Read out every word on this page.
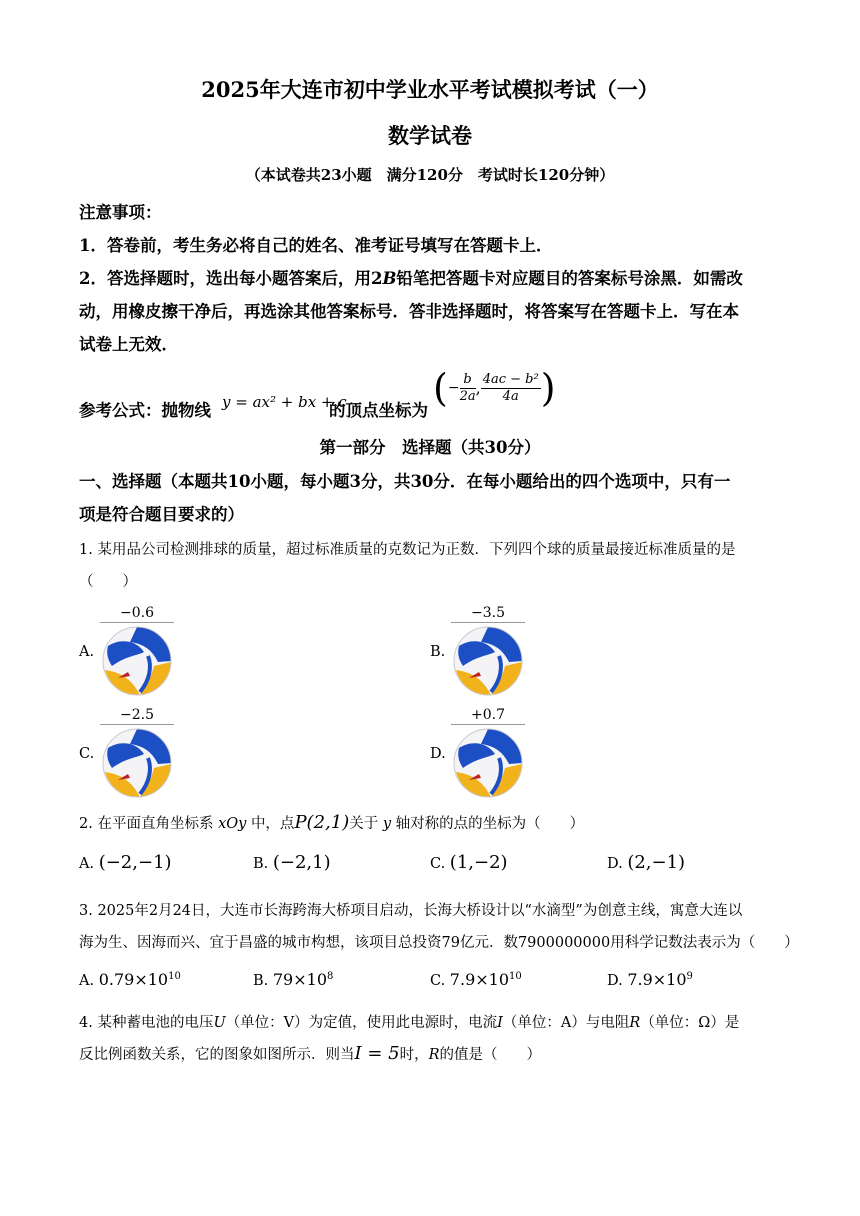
2025年大连市初中学业水平考试模拟考试（一）
数学试卷
（本试卷共23小题　满分120分　考试时长120分钟）
注意事项：
1．答卷前，考生务必将自己的姓名、准考证号填写在答题卡上．
2．答选择题时，选出每小题答案后，用2B铅笔把答题卡对应题目的答案标号涂黑．如需改
动，用橡皮擦干净后，再选涂其他答案标号．答非选择题时，将答案写在答题卡上．写在本
试卷上无效．
参考公式：抛物线 y = ax² + bx + c
的顶点坐标为
(− $\frac{b}{2a}$ , $\frac{\text{4ac − b²}}{4a}$ )
第一部分　选择题（共30分）
一、选择题（本题共10小题，每小题3分，共30分．在每小题给出的四个选项中，只有一
项是符合题目要求的）
1. 某用品公司检测排球的质量，超过标准质量的克数记为正数．下列四个球的质量最接近标准质量的是
（　　）
A.
−0.6
B.
−3.5
C.
−2.5
D.
+0.7
2. 在平面直角坐标系 xOy 中，点P(2,1)关于 y 轴对称的点的坐标为（　　）
A. (−2,−1)	B. (−2,1)	C. (1,−2)	D. (2,−1)
3. 2025年2月24日，大连市长海跨海大桥项目启动，长海大桥设计以“水滴型”为创意主线，寓意大连以
海为生、因海而兴、宜于昌盛的城市构想，该项目总投资79亿元．数7900000000用科学记数法表示为（　　）
A. $0.79\times 10^{10}$	B. $79\times 10^8$	C. $7.9\times 10^{10}$	D. $7.9\times 10^9$
4. 某种蓄电池的电压U（单位：V）为定值，使用此电源时，电流I（单位：A）与电阻R（单位：Ω）是
反比例函数关系，它的图象如图所示．则当I = 5时，R的值是（　　）
